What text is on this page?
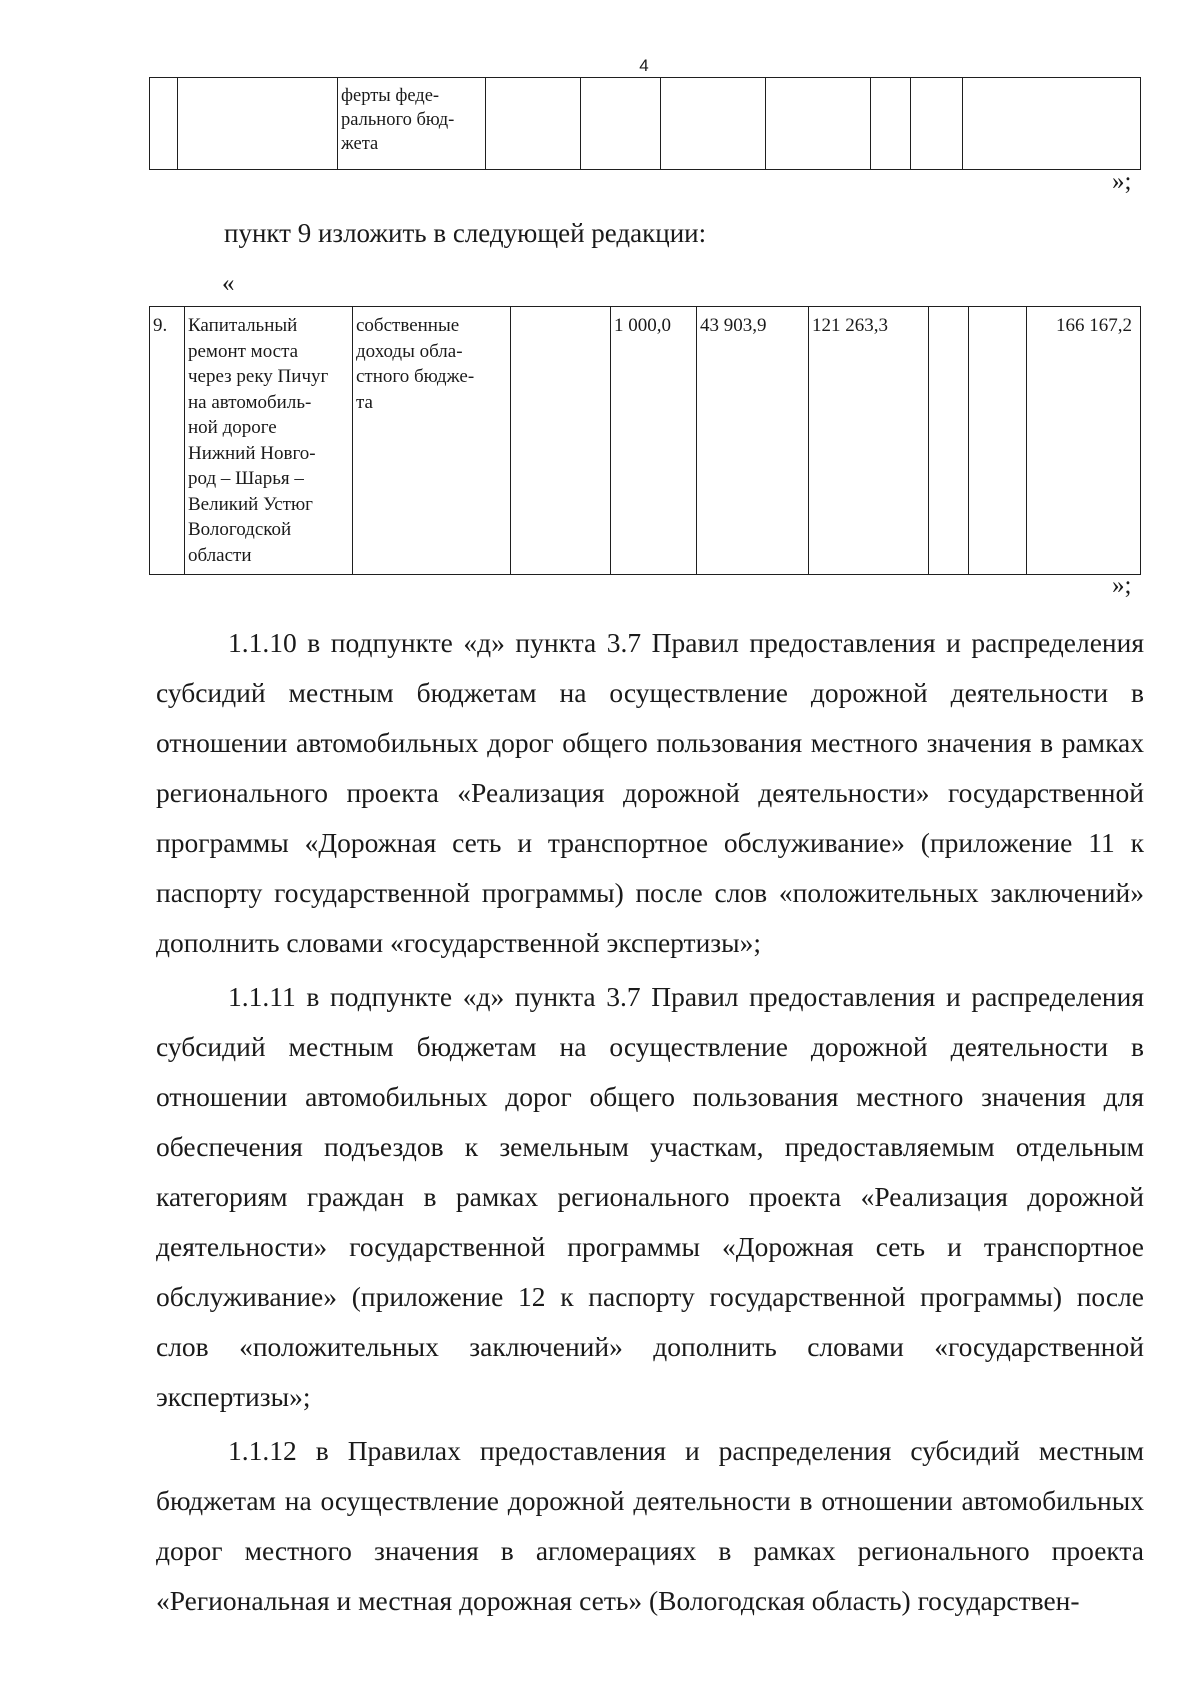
4
		ферты феде-
рального бюд-
жета							
»;
пункт 9 изложить в следующей редакции:
«
9.	Капитальный
ремонт моста
через реку Пичуг
на автомобиль-
ной дороге
Нижний Новго-
род – Шарья –
Великий Устюг
Вологодской
области	собственные
доходы обла-
стного бюдже-
та		1 000,0	43 903,9	121 263,3			166 167,2
»;

1.1.10 в подпункте «д» пункта 3.7 Правил предоставления и распределения субсидий местным бюджетам на осуществление дорожной деятельности в отношении автомобильных дорог общего пользования местного значения в рамках регионального проекта «Реализация дорожной деятельности» государственной программы «Дорожная сеть и транспортное обслуживание» (приложение 11 к паспорту государственной программы) после слов «положительных заключений» дополнить словами «государственной экспертизы»;

1.1.11 в подпункте «д» пункта 3.7 Правил предоставления и распределения субсидий местным бюджетам на осуществление дорожной деятельности в отношении автомобильных дорог общего пользования местного значения для обеспечения подъездов к земельным участкам, предоставляемым отдельным категориям граждан в рамках регионального проекта «Реализация дорожной деятельности» государственной программы «Дорожная сеть и транспортное обслуживание» (приложение 12 к паспорту государственной программы) после слов «положительных заключений» дополнить словами «государственной экспертизы»;

1.1.12 в Правилах предоставления и распределения субсидий местным бюджетам на осуществление дорожной деятельности в отношении автомобильных дорог местного значения в агломерациях в рамках регионального проекта «Региональная и местная дорожная сеть» (Вологодская область) государствен-
